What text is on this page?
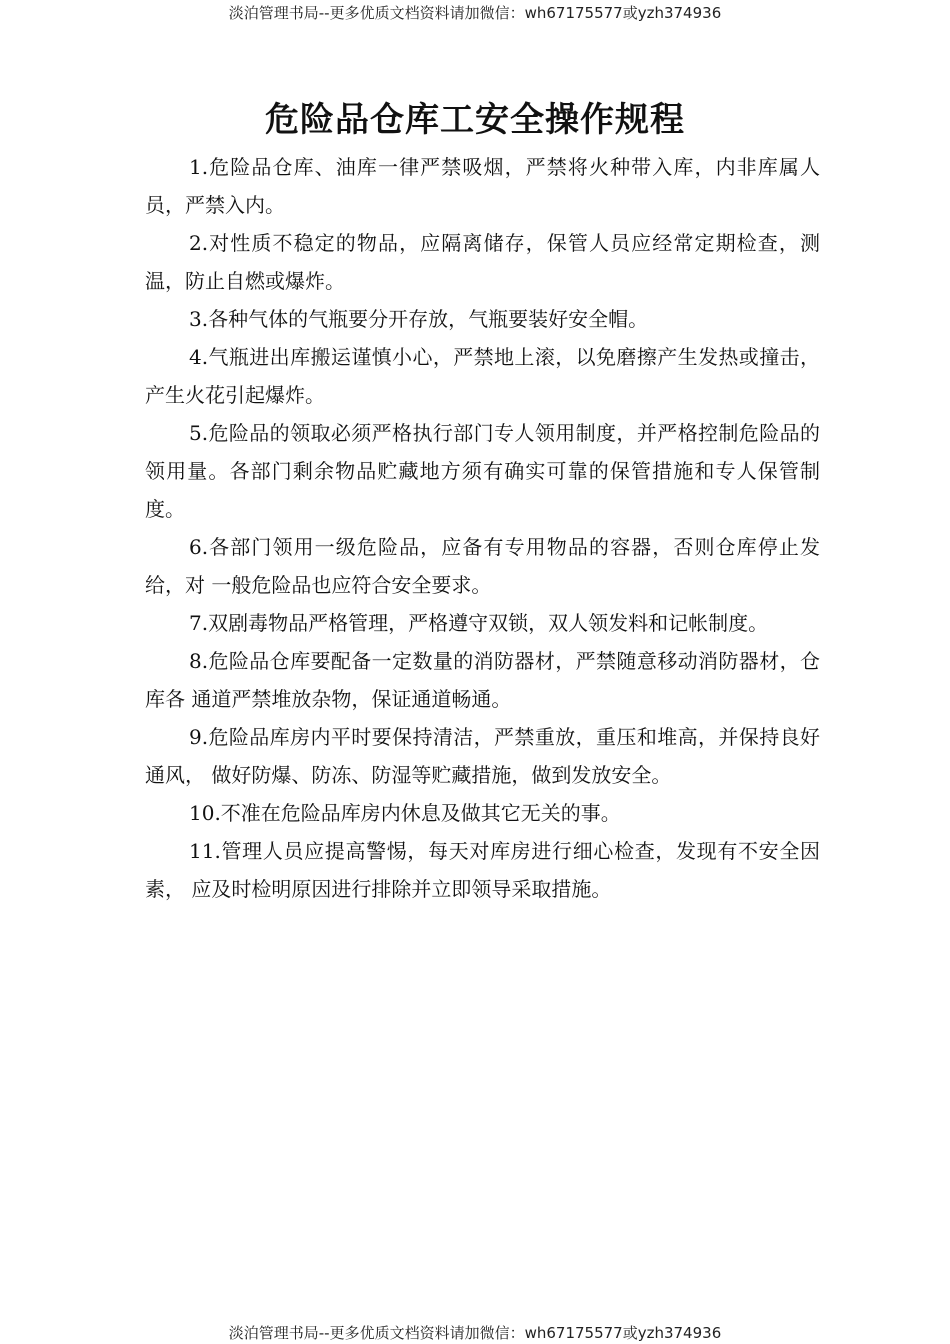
淡泊管理书局--更多优质文档资料请加微信：wh67175577或yzh374936
危险品仓库工安全操作规程

1.危险品仓库、油库一律严禁吸烟，严禁将火种带入库，内非库属人员，严禁入内。

2.对性质不稳定的物品，应隔离储存，保管人员应经常定期检查，测温，防止自燃或爆炸。

3.各种气体的气瓶要分开存放，气瓶要装好安全帽。

4.气瓶进出库搬运谨慎小心，严禁地上滚，以免磨擦产生发热或撞击，产生火花引起爆炸。

5.危险品的领取必须严格执行部门专人领用制度，并严格控制危险品的领用量。各部门剩余物品贮藏地方须有确实可靠的保管措施和专人保管制度。

6.各部门领用一级危险品，应备有专用物品的容器，否则仓库停止发给，对 一般危险品也应符合安全要求。

7.双剧毒物品严格管理，严格遵守双锁，双人领发料和记帐制度。

8.危险品仓库要配备一定数量的消防器材，严禁随意移动消防器材，仓库各 通道严禁堆放杂物，保证通道畅通。

9.危险品库房内平时要保持清洁，严禁重放，重压和堆高，并保持良好通风， 做好防爆、防冻、防湿等贮藏措施，做到发放安全。

10.不准在危险品库房内休息及做其它无关的事。

11.管理人员应提高警惕，每天对库房进行细心检查，发现有不安全因素， 应及时检明原因进行排除并立即领导采取措施。

淡泊管理书局--更多优质文档资料请加微信：wh67175577或yzh374936
